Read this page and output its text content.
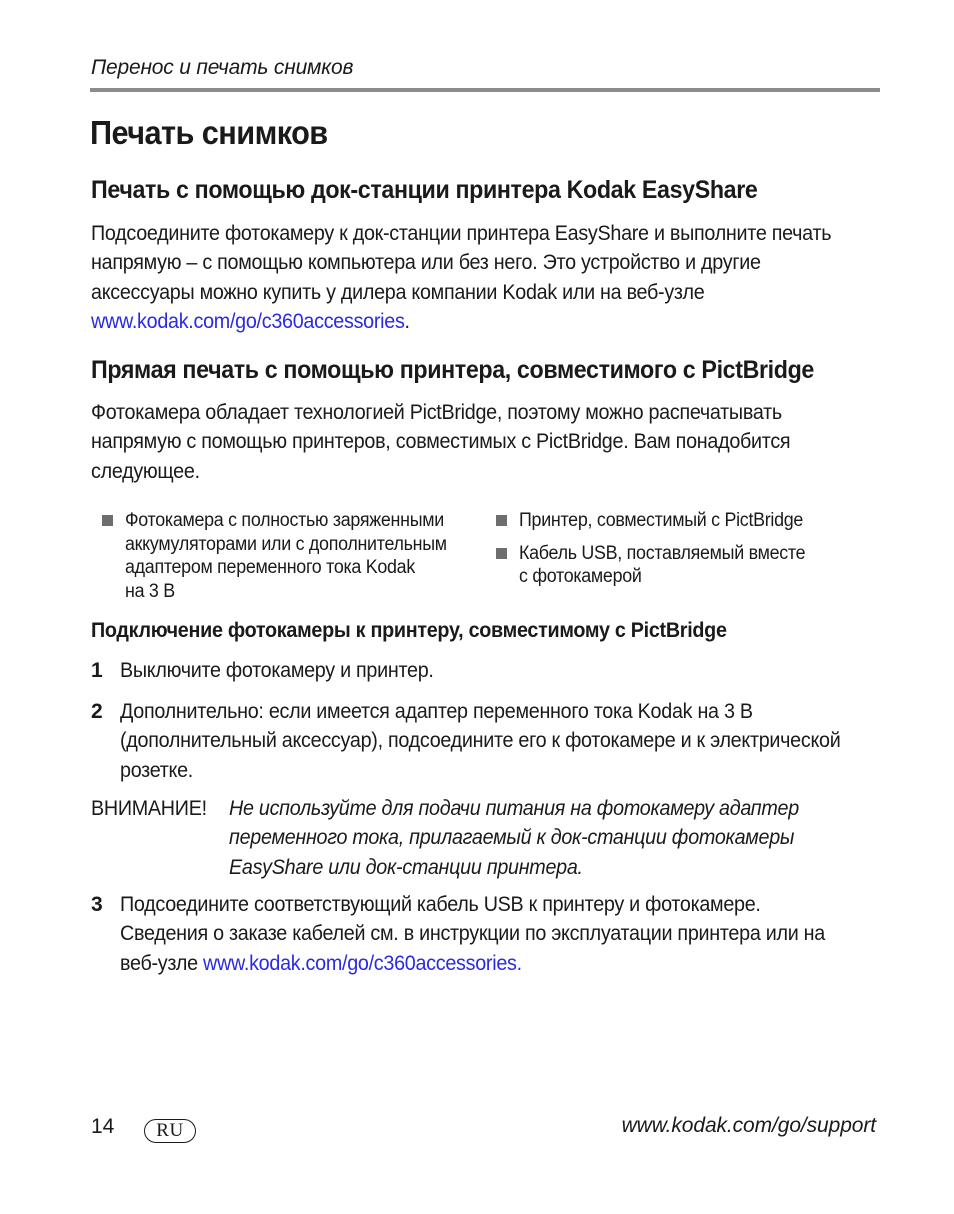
Перенос и печать снимков
Печать снимков
Печать с помощью док-станции принтера Kodak EasyShare
Подсоедините фотокамеру к док-станции принтера EasyShare и выполните печать
напрямую – с помощью компьютера или без него. Это устройство и другие
аксессуары можно купить у дилера компании Kodak или на веб-узле
www.kodak.com/go/c360accessories.
Прямая печать с помощью принтера, совместимого с PictBridge
Фотокамера обладает технологией PictBridge, поэтому можно распечатывать
напрямую с помощью принтеров, совместимых с PictBridge. Вам понадобится
следующее.
Фотокамера с полностью заряженными
аккумуляторами или с дополнительным
адаптером переменного тока Kodak
на 3 В
Принтер, совместимый с PictBridge
Кабель USB, поставляемый вместе
с фотокамерой
Подключение фотокамеры к принтеру, совместимому с PictBridge
1 Выключите фотокамеру и принтер.
2 Дополнительно: если имеется адаптер переменного тока Kodak на 3 В
(дополнительный аксессуар), подсоедините его к фотокамере и к электрической
розетке.
ВНИМАНИЕ! Не используйте для подачи питания на фотокамеру адаптер
переменного тока, прилагаемый к док-станции фотокамеры
EasyShare или док-станции принтера.
3 Подсоедините соответствующий кабель USB к принтеру и фотокамере.
Сведения о заказе кабелей см. в инструкции по эксплуатации принтера или на
веб-узле www.kodak.com/go/c360accessories.
14	RU	www.kodak.com/go/support
